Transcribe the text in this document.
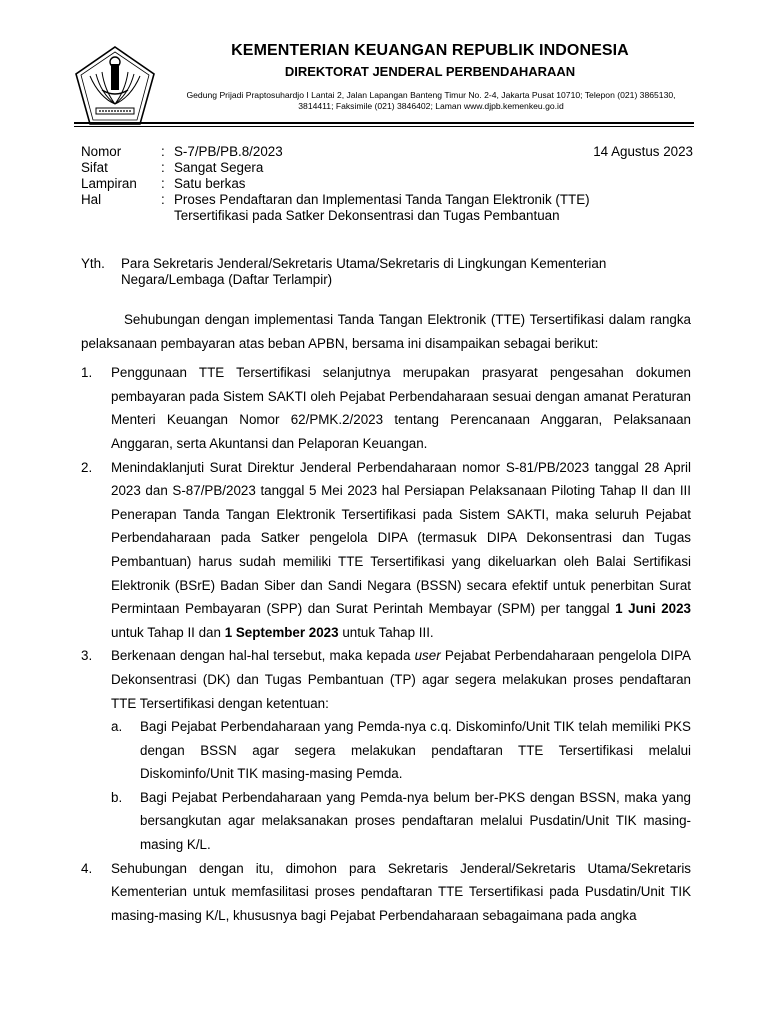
KEMENTERIAN KEUANGAN REPUBLIK INDONESIA
DIREKTORAT JENDERAL PERBENDAHARAAN
Gedung Prijadi Praptosuhardjo I Lantai 2, Jalan Lapangan Banteng Timur No. 2-4, Jakarta Pusat 10710; Telepon (021) 3865130,
3814411; Faksimile (021) 3846402; Laman www.djpb.kemenkeu.go.id
Nomor	: S-7/PB/PB.8/2023
Sifat	: Sangat Segera
Lampiran	: Satu berkas
Hal	: Proses Pendaftaran dan Implementasi Tanda Tangan Elektronik (TTE)
Tersertifikasi pada Satker Dekonsentrasi dan Tugas Pembantuan
14 Agustus 2023
Yth.	Para Sekretaris Jenderal/Sekretaris Utama/Sekretaris di Lingkungan Kementerian
Negara/Lembaga (Daftar Terlampir)

Sehubungan dengan implementasi Tanda Tangan Elektronik (TTE) Tersertifikasi dalam rangka pelaksanaan pembayaran atas beban APBN, bersama ini disampaikan sebagai berikut:

1.	Penggunaan TTE Tersertifikasi selanjutnya merupakan prasyarat pengesahan dokumen pembayaran pada Sistem SAKTI oleh Pejabat Perbendaharaan sesuai dengan amanat Peraturan Menteri Keuangan Nomor 62/PMK.2/2023 tentang Perencanaan Anggaran, Pelaksanaan Anggaran, serta Akuntansi dan Pelaporan Keuangan.
2.	Menindaklanjuti Surat Direktur Jenderal Perbendaharaan nomor S-81/PB/2023 tanggal 28 April 2023 dan S-87/PB/2023 tanggal 5 Mei 2023 hal Persiapan Pelaksanaan Piloting Tahap II dan III Penerapan Tanda Tangan Elektronik Tersertifikasi pada Sistem SAKTI, maka seluruh Pejabat Perbendaharaan pada Satker pengelola DIPA (termasuk DIPA Dekonsentrasi dan Tugas Pembantuan) harus sudah memiliki TTE Tersertifikasi yang dikeluarkan oleh Balai Sertifikasi Elektronik (BSrE) Badan Siber dan Sandi Negara (BSSN) secara efektif untuk penerbitan Surat Permintaan Pembayaran (SPP) dan Surat Perintah Membayar (SPM) per tanggal 1 Juni 2023 untuk Tahap II dan 1 September 2023 untuk Tahap III.
3.	Berkenaan dengan hal-hal tersebut, maka kepada user Pejabat Perbendaharaan pengelola DIPA Dekonsentrasi (DK) dan Tugas Pembantuan (TP) agar segera melakukan proses pendaftaran TTE Tersertifikasi dengan ketentuan:
a.	Bagi Pejabat Perbendaharaan yang Pemda-nya c.q. Diskominfo/Unit TIK telah memiliki PKS dengan BSSN agar segera melakukan pendaftaran TTE Tersertifikasi melalui Diskominfo/Unit TIK masing-masing Pemda.
b.	Bagi Pejabat Perbendaharaan yang Pemda-nya belum ber-PKS dengan BSSN, maka yang bersangkutan agar melaksanakan proses pendaftaran melalui Pusdatin/Unit TIK masing-masing K/L.
4.	Sehubungan dengan itu, dimohon para Sekretaris Jenderal/Sekretaris Utama/Sekretaris Kementerian untuk memfasilitasi proses pendaftaran TTE Tersertifikasi pada Pusdatin/Unit TIK masing-masing K/L, khususnya bagi Pejabat Perbendaharaan sebagaimana pada angka
